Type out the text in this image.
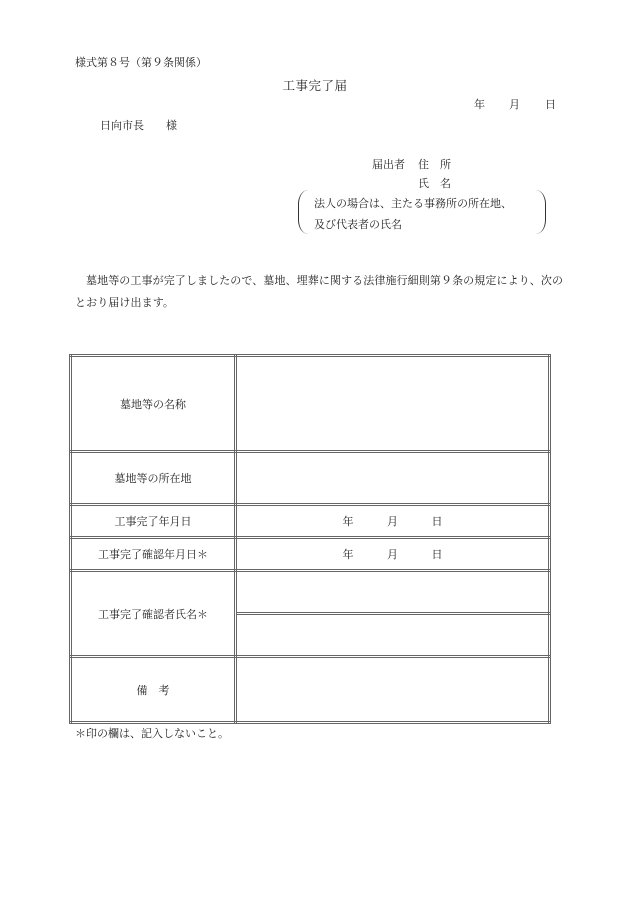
様式第８号（第９条関係）
工事完了届
年 月 日
日向市長　　様
届出者 住　所
氏　名
法人の場合は、主たる事務所の所在地、
及び代表者の氏名
墓地等の工事が完了しましたので、墓地、埋葬に関する法律施行細則第９条の規定により、次のとおり届け出ます。
墓地等の名称	
墓地等の所在地	
工事完了年月日	年 月 日
工事完了確認年月日＊	年 月 日
工事完了確認者氏名＊	

備　考	
＊印の欄は、記入しないこと。
